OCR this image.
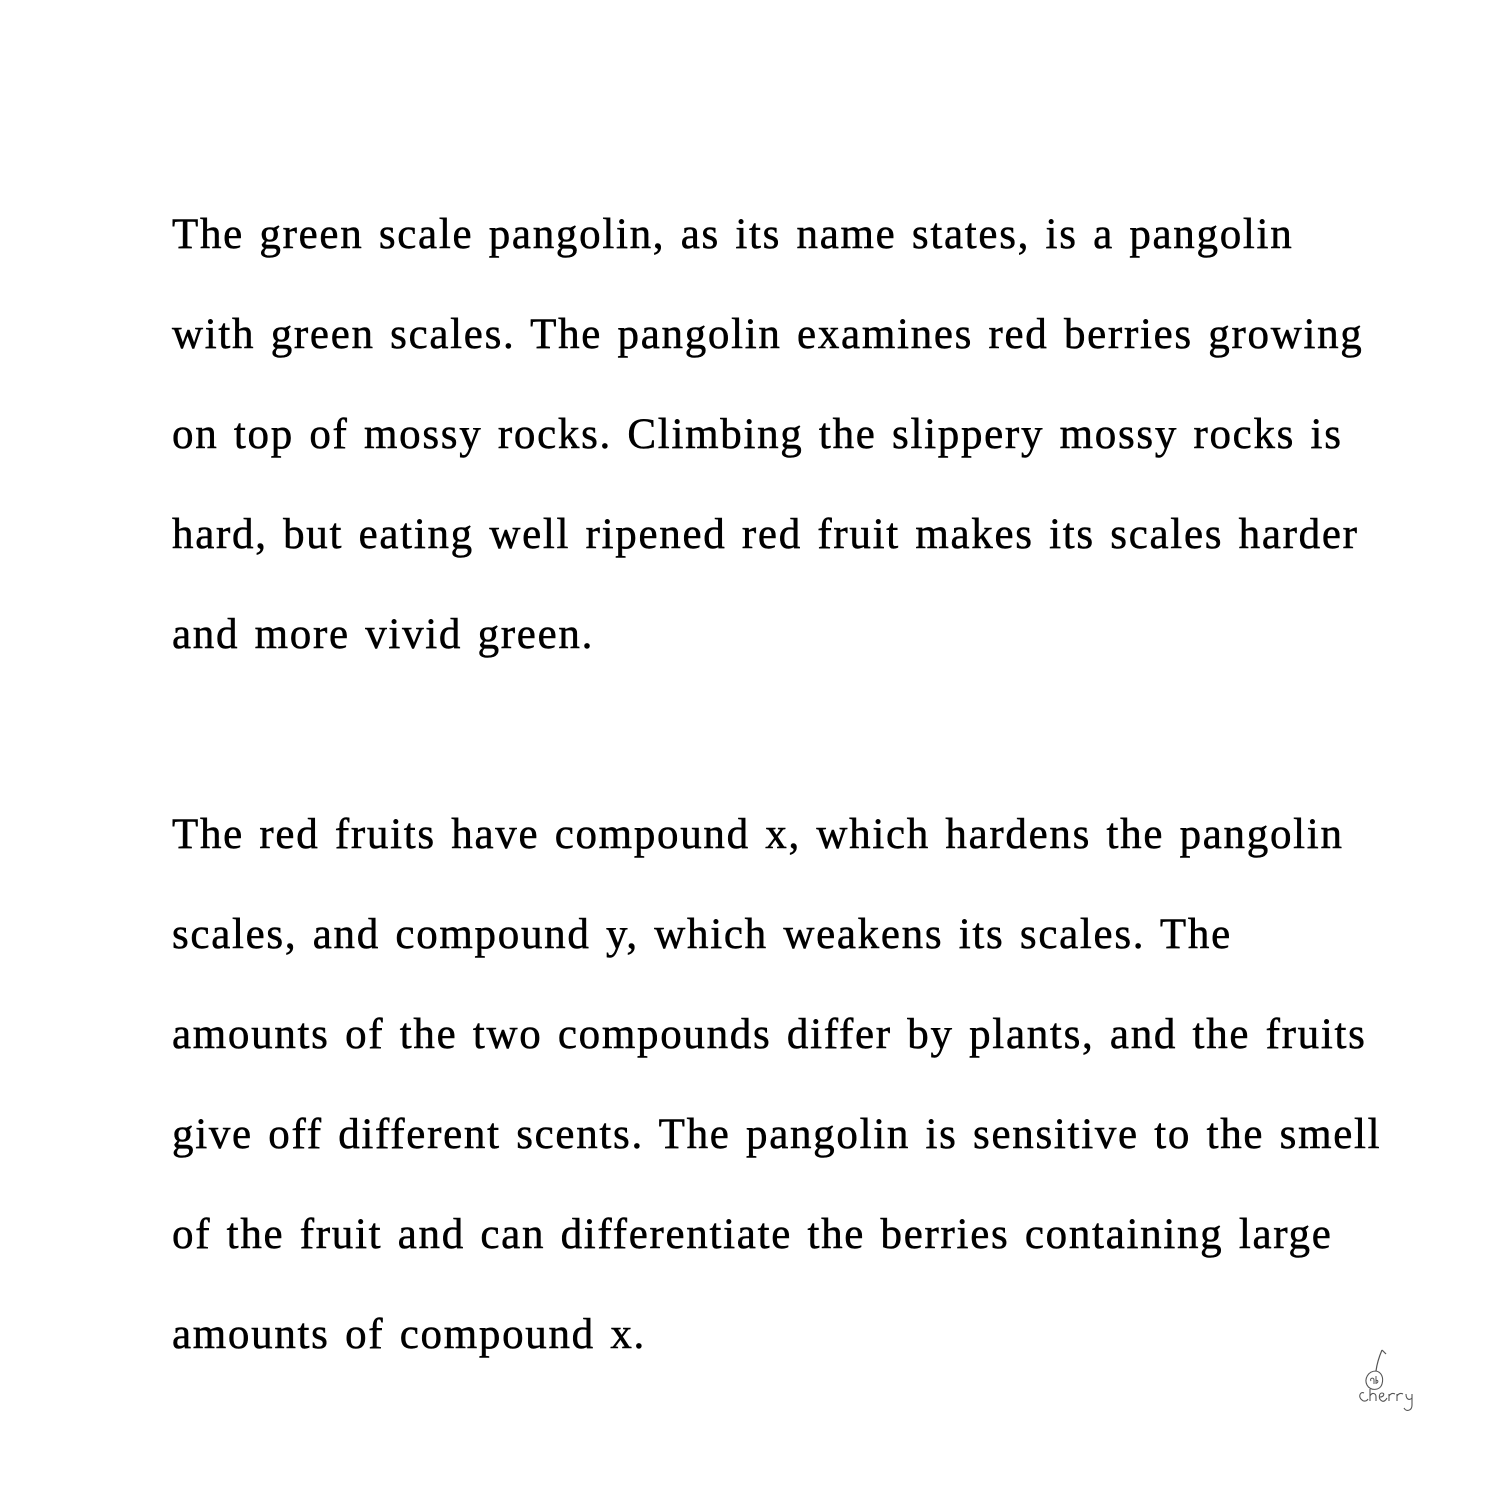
The green scale pangolin, as its name states, is a pangolin

with green scales. The pangolin examines red berries growing

on top of mossy rocks. Climbing the slippery mossy rocks is

hard, but eating well ripened red fruit makes its scales harder

and more vivid green.

The red fruits have compound x, which hardens the pangolin

scales, and compound y, which weakens its scales. The

amounts of the two compounds differ by plants, and the fruits

give off different scents. The pangolin is sensitive to the smell

of the fruit and can differentiate the berries containing large

amounts of compound x.
